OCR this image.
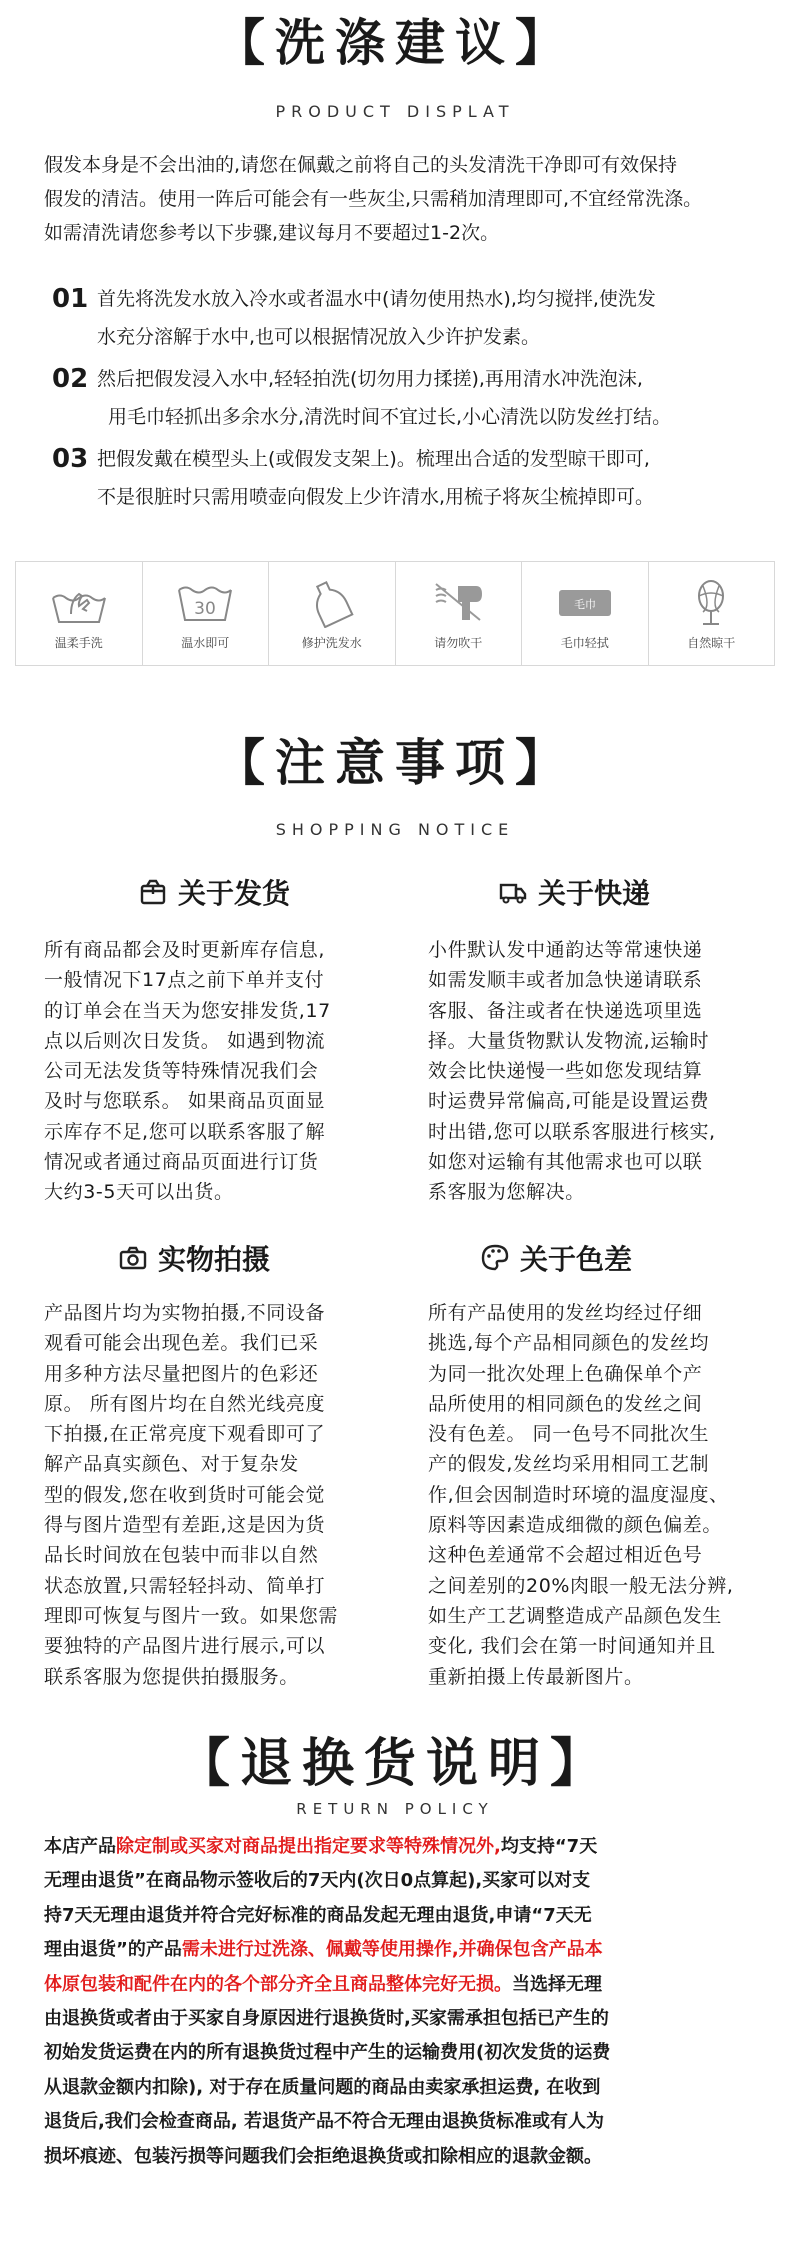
【洗涤建议】
PRODUCT DISPLAT

假发本身是不会出油的,请您在佩戴之前将自己的头发清洗干净即可有效保持

假发的清洁。使用一阵后可能会有一些灰尘,只需稍加清理即可,不宜经常洗涤。

如需清洗请您参考以下步骤,建议每月不要超过1-2次。

01 首先将洗发水放入冷水或者温水中(请勿使用热水),均匀搅拌,使洗发
水充分溶解于水中,也可以根据情况放入少许护发素。
02 然后把假发浸入水中,轻轻拍洗(切勿用力揉搓),再用清水冲洗泡沫,
用毛巾轻抓出多余水分,清洗时间不宜过长,小心清洗以防发丝打结。
03 把假发戴在模型头上(或假发支架上)。梳理出合适的发型晾干即可,
不是很脏时只需用喷壶向假发上少许清水,用梳子将灰尘梳掉即可。
温柔手洗
30
温水即可	修护洗发水	请勿吹干
毛巾
毛巾轻拭	自然晾干
【注意事项】
SHOPPING NOTICE
关于发货

所有商品都会及时更新库存信息,

一般情况下17点之前下单并支付

的订单会在当天为您安排发货,17

点以后则次日发货。 如遇到物流

公司无法发货等特殊情况我们会

及时与您联系。 如果商品页面显

示库存不足,您可以联系客服了解

情况或者通过商品页面进行订货

大约3-5天可以出货。

关于快递

小件默认发中通韵达等常速快递

如需发顺丰或者加急快递请联系

客服、备注或者在快递选项里选

择。大量货物默认发物流,运输时

效会比快递慢一些如您发现结算

时运费异常偏高,可能是设置运费

时出错,您可以联系客服进行核实,

如您对运输有其他需求也可以联

系客服为您解决。

实物拍摄

产品图片均为实物拍摄,不同设备

观看可能会出现色差。我们已采

用多种方法尽量把图片的色彩还

原。 所有图片均在自然光线亮度

下拍摄,在正常亮度下观看即可了

解产品真实颜色、对于复杂发

型的假发,您在收到货时可能会觉

得与图片造型有差距,这是因为货

品长时间放在包装中而非以自然

状态放置,只需轻轻抖动、简单打

理即可恢复与图片一致。如果您需

要独特的产品图片进行展示,可以

联系客服为您提供拍摄服务。

关于色差

所有产品使用的发丝均经过仔细

挑选,每个产品相同颜色的发丝均

为同一批次处理上色确保单个产

品所使用的相同颜色的发丝之间

没有色差。 同一色号不同批次生

产的假发,发丝均采用相同工艺制

作,但会因制造时环境的温度湿度、

原料等因素造成细微的颜色偏差。

这种色差通常不会超过相近色号

之间差别的20%肉眼一般无法分辨,

如生产工艺调整造成产品颜色发生

变化, 我们会在第一时间通知并且

重新拍摄上传最新图片。

【退换货说明】
RETURN POLICY

本店产品除定制或买家对商品提出指定要求等特殊情况外,均支持“7天

无理由退货”在商品物示签收后的7天内(次日0点算起),买家可以对支

持7天无理由退货并符合完好标准的商品发起无理由退货,申请“7天无

理由退货”的产品需未进行过洗涤、佩戴等使用操作,并确保包含产品本

体原包装和配件在内的各个部分齐全且商品整体完好无损。当选择无理

由退换货或者由于买家自身原因进行退换货时,买家需承担包括已产生的

初始发货运费在内的所有退换货过程中产生的运输费用(初次发货的运费

从退款金额内扣除), 对于存在质量问题的商品由卖家承担运费, 在收到

退货后,我们会检查商品, 若退货产品不符合无理由退换货标准或有人为

损坏痕迹、包装污损等问题我们会拒绝退换货或扣除相应的退款金额。
